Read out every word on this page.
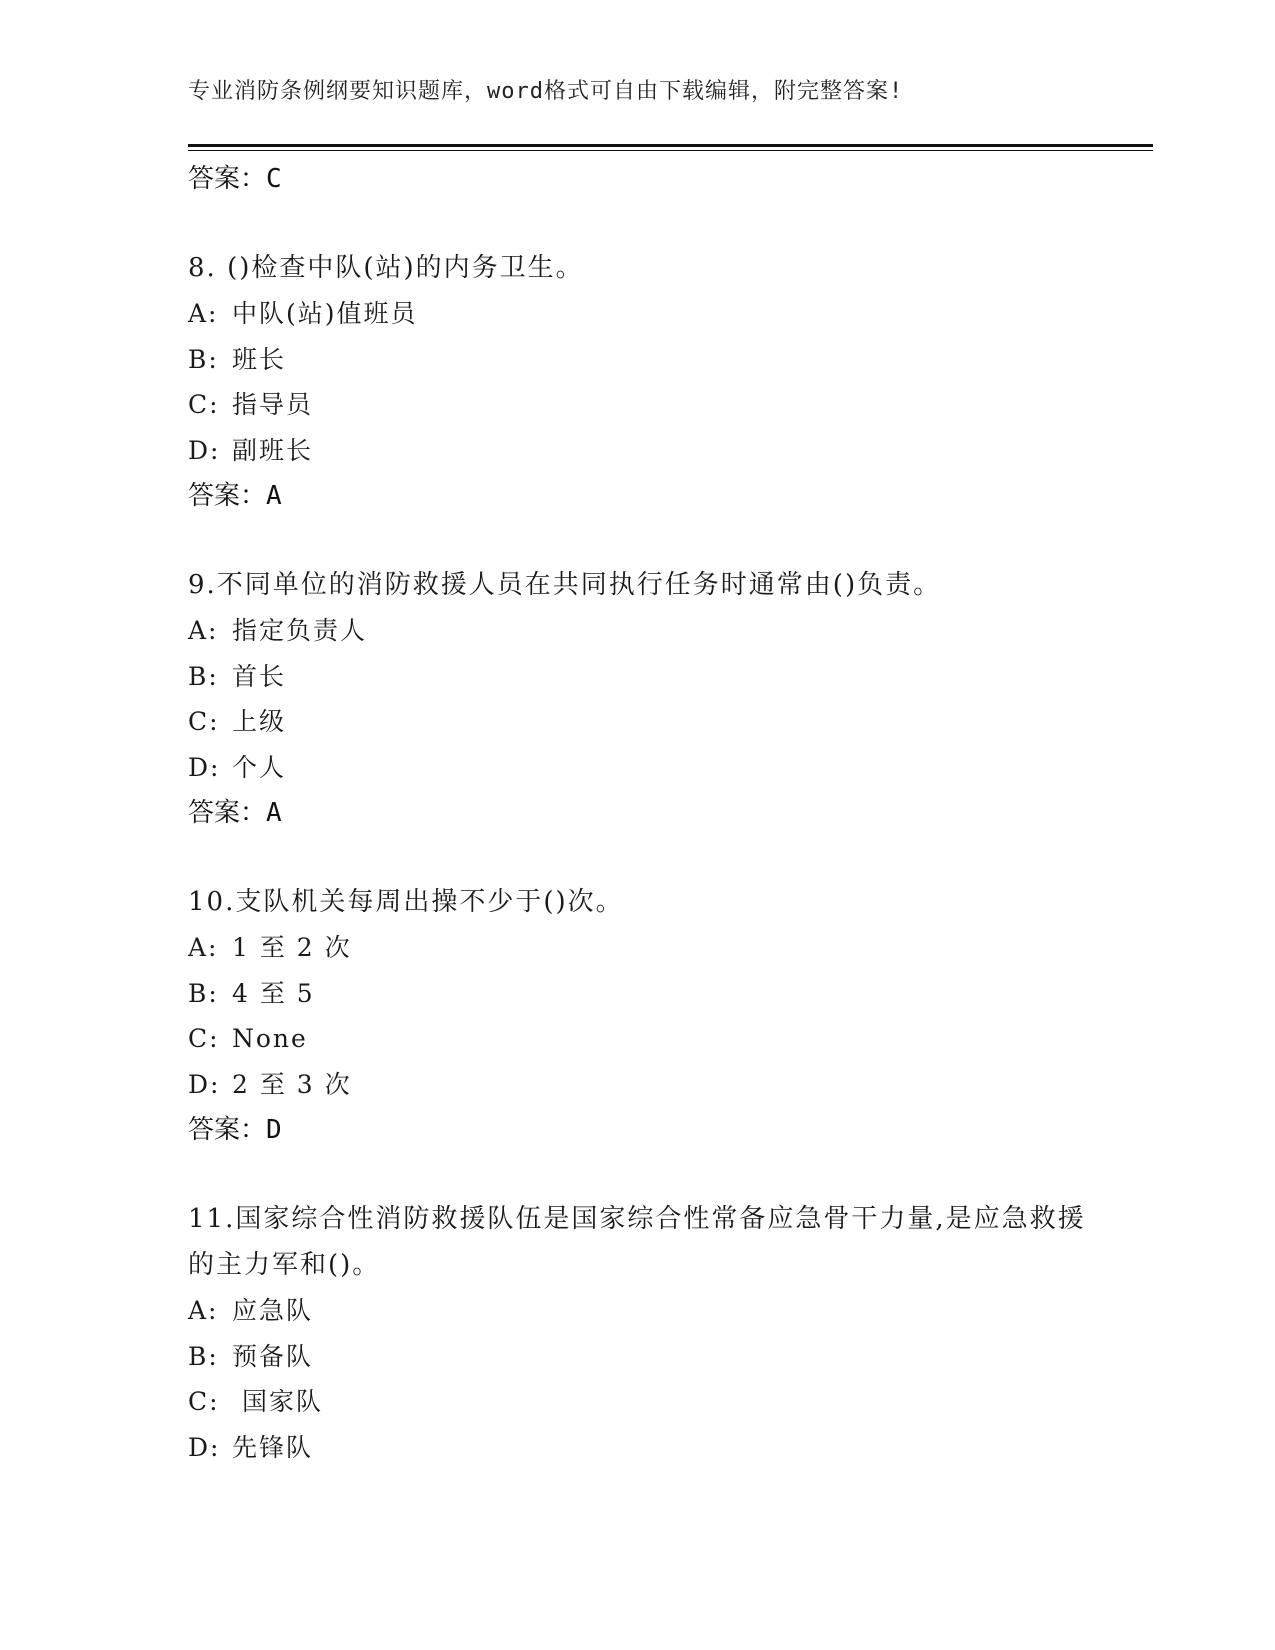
专业消防条例纲要知识题库，word格式可自由下载编辑，附完整答案!
答案：C
8. ()检查中队(站)的内务卫生。
A: 中队(站)值班员
B: 班长
C: 指导员
D: 副班长
答案：A
9.不同单位的消防救援人员在共同执行任务时通常由()负责。
A: 指定负责人
B: 首长
C: 上级
D: 个人
答案：A
10.支队机关每周出操不少于()次。
A: 1 至 2 次
B: 4 至 5
C: None
D: 2 至 3 次
答案：D
11.国家综合性消防救援队伍是国家综合性常备应急骨干力量,是应急救援的主力军和()。
A: 应急队
B: 预备队
C: 国家队
D: 先锋队
